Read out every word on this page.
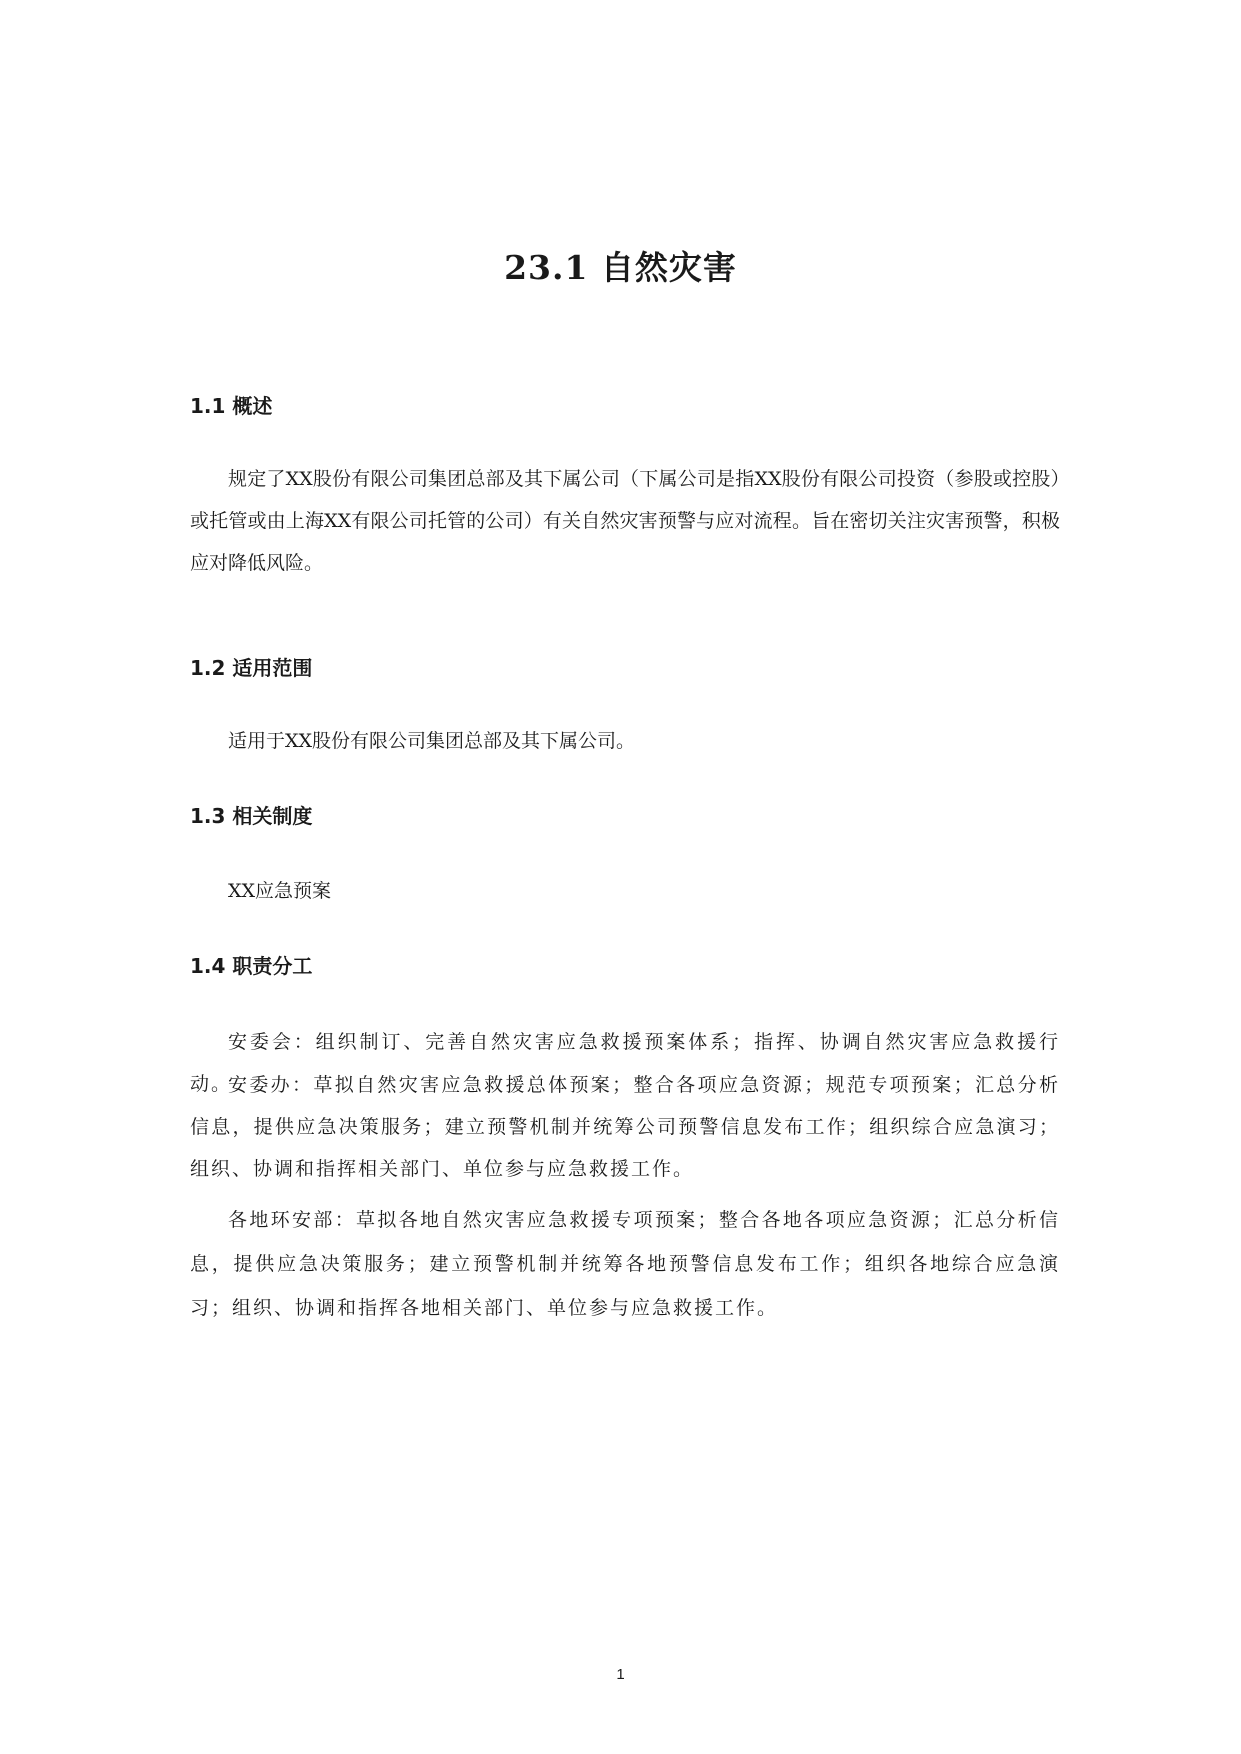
23.1 自然灾害
1.1 概述

规定了XX股份有限公司集团总部及其下属公司（下属公司是指XX股份有限公司投资（参股或控股）或托管或由上海XX有限公司托管的公司）有关自然灾害预警与应对流程。旨在密切关注灾害预警，积极应对降低风险。

1.2 适用范围

适用于XX股份有限公司集团总部及其下属公司。

1.3 相关制度

XX应急预案

1.4 职责分工

安委会：组织制订、完善自然灾害应急救援预案体系；指挥、协调自然灾害应急救援行动。

安委办：草拟自然灾害应急救援总体预案；整合各项应急资源；规范专项预案；汇总分析信息，提供应急决策服务；建立预警机制并统筹公司预警信息发布工作；组织综合应急演习；组织、协调和指挥相关部门、单位参与应急救援工作。

各地环安部：草拟各地自然灾害应急救援专项预案；整合各地各项应急资源；汇总分析信息，提供应急决策服务；建立预警机制并统筹各地预警信息发布工作；组织各地综合应急演习；组织、协调和指挥各地相关部门、单位参与应急救援工作。

1
